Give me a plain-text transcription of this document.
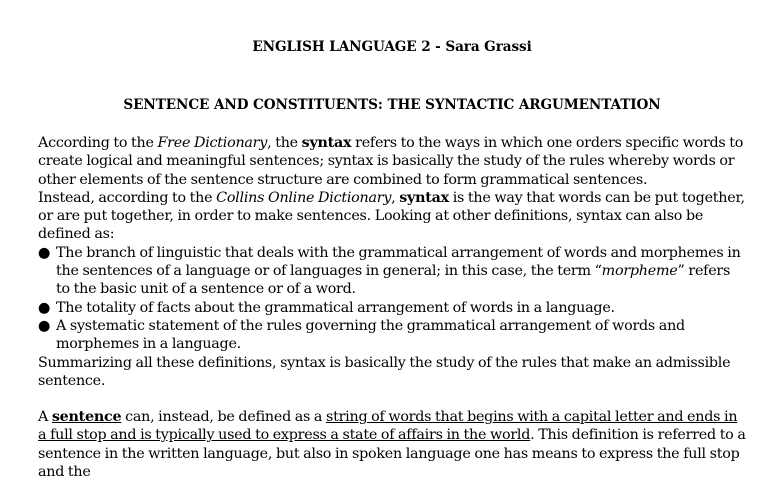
ENGLISH LANGUAGE 2 - Sara Grassi
SENTENCE AND CONSTITUENTS: THE SYNTACTIC ARGUMENTATION

According to the Free Dictionary, the syntax refers to the ways in which one orders specific words to create logical and meaningful sentences; syntax is basically the study of the rules whereby words or other elements of the sentence structure are combined to form grammatical sentences.

Instead, according to the Collins Online Dictionary, syntax is the way that words can be put together, or are put together, in order to make sentences. Looking at other definitions, syntax can also be defined as:

● The branch of linguistic that deals with the grammatical arrangement of words and morphemes in the sentences of a language or of languages in general; in this case, the term “morpheme” refers to the basic unit of a sentence or of a word.
● The totality of facts about the grammatical arrangement of words in a language.
● A systematic statement of the rules governing the grammatical arrangement of words and morphemes in a language.

Summarizing all these definitions, syntax is basically the study of the rules that make an admissible sentence.

A sentence can, instead, be defined as a string of words that begins with a capital letter and ends in a full stop and is typically used to express a state of affairs in the world. This definition is referred to a sentence in the written language, but also in spoken language one has means to express the full stop and the
